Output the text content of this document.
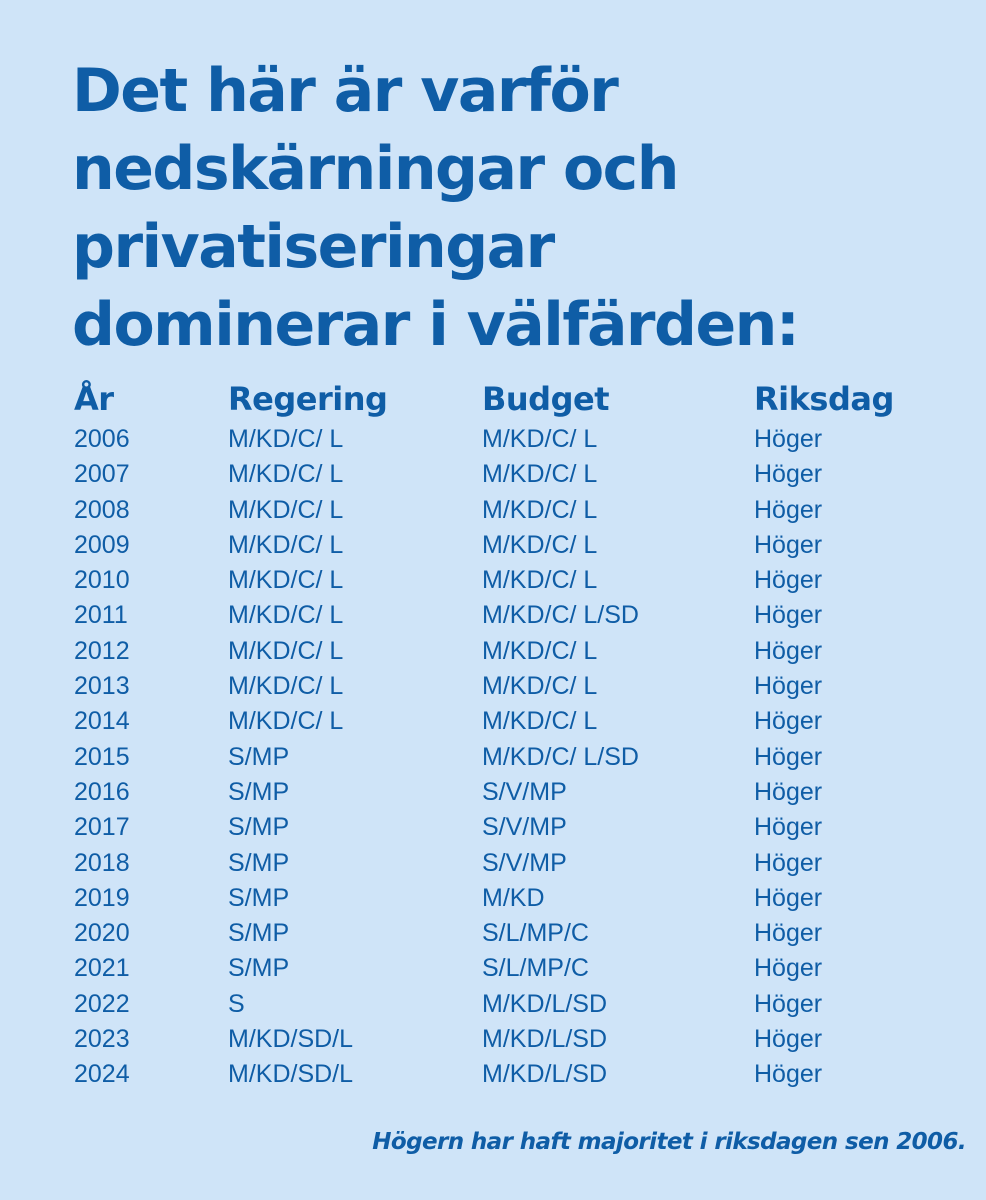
Det här är varför
nedskärningar och
privatiseringar
dominerar i välfärden:
År	Regering	Budget	Riksdag
2006	M/KD/C/ L	M/KD/C/ L	Höger
2007	M/KD/C/ L	M/KD/C/ L	Höger
2008	M/KD/C/ L	M/KD/C/ L	Höger
2009	M/KD/C/ L	M/KD/C/ L	Höger
2010	M/KD/C/ L	M/KD/C/ L	Höger
2011	M/KD/C/ L	M/KD/C/ L/SD	Höger
2012	M/KD/C/ L	M/KD/C/ L	Höger
2013	M/KD/C/ L	M/KD/C/ L	Höger
2014	M/KD/C/ L	M/KD/C/ L	Höger
2015	S/MP	M/KD/C/ L/SD	Höger
2016	S/MP	S/V/MP	Höger
2017	S/MP	S/V/MP	Höger
2018	S/MP	S/V/MP	Höger
2019	S/MP	M/KD	Höger
2020	S/MP	S/L/MP/C	Höger
2021	S/MP	S/L/MP/C	Höger
2022	S	M/KD/L/SD	Höger
2023	M/KD/SD/L	M/KD/L/SD	Höger
2024	M/KD/SD/L	M/KD/L/SD	Höger
Högern har haft majoritet i riksdagen sen 2006.
